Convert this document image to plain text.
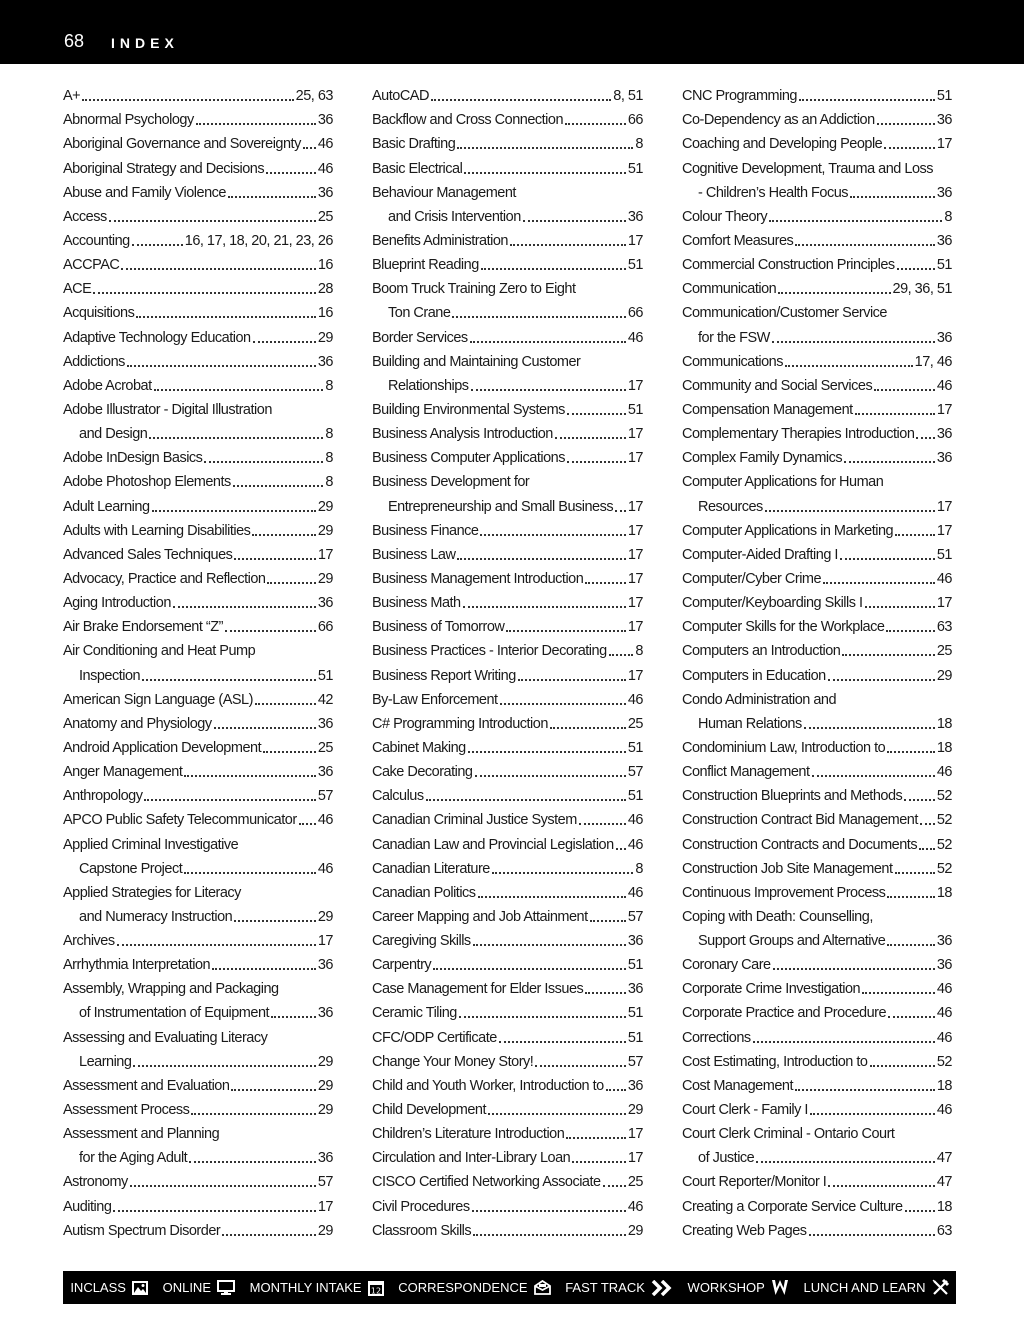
68 INDEX
A+	25, 63
Abnormal Psychology	36
Aboriginal Governance and Sovereignty 46
Aboriginal Strategy and Decisions	46
Abuse and Family Violence	36
Access	25
Accounting	16, 17, 18, 20, 21, 23, 26
ACCPAC	16
ACE	28
Acquisitions	16
Adaptive Technology Education	29
Addictions	36
Adobe Acrobat	8
Adobe Illustrator - Digital Illustration
and Design	8
Adobe InDesign Basics	8
Adobe Photoshop Elements	8
Adult Learning	29
Adults with Learning Disabilities	29
Advanced Sales Techniques	17
Advocacy, Practice and Reflection	29
Aging Introduction	36
Air Brake Endorsement “Z”	66
Air Conditioning and Heat Pump
Inspection	51
American Sign Language (ASL)	42
Anatomy and Physiology	36
Android Application Development	25
Anger Management	36
Anthropology	57
APCO Public Safety Telecommunicator 46
Applied Criminal Investigative
Capstone Project	46
Applied Strategies for Literacy
and Numeracy Instruction	29
Archives	17
Arrhythmia Interpretation	36
Assembly, Wrapping and Packaging
of Instrumentation of Equipment	36
Assessing and Evaluating Literacy
Learning	29
Assessment and Evaluation	29
Assessment Process	29
Assessment and Planning
for the Aging Adult	36
Astronomy	57
Auditing	17
Autism Spectrum Disorder	29
AutoCAD	8, 51
Backflow and Cross Connection	66
Basic Drafting	8
Basic Electrical	51
Behaviour Management
and Crisis Intervention	36
Benefits Administration	17
Blueprint Reading	51
Boom Truck Training Zero to Eight
Ton Crane	66
Border Services	46
Building and Maintaining Customer
Relationships	17
Building Environmental Systems	51
Business Analysis Introduction	17
Business Computer Applications	17
Business Development for
Entrepreneurship and Small Business 17
Business Finance	17
Business Law	17
Business Management Introduction	17
Business Math	17
Business of Tomorrow	17
Business Practices - Interior Decorating 8
Business Report Writing	17
By-Law Enforcement	46
C# Programming Introduction	25
Cabinet Making	51
Cake Decorating	57
Calculus	51
Canadian Criminal Justice System	46
Canadian Law and Provincial Legislation 46
Canadian Literature	8
Canadian Politics	46
Career Mapping and Job Attainment	57
Caregiving Skills	36
Carpentry	51
Case Management for Elder Issues	36
Ceramic Tiling	51
CFC/ODP Certificate	51
Change Your Money Story!	57
Child and Youth Worker, Introduction to 36
Child Development	29
Children’s Literature Introduction	17
Circulation and Inter-Library Loan	17
CISCO Certified Networking Associate 25
Civil Procedures	46
Classroom Skills	29
CNC Programming	51
Co-Dependency as an Addiction	36
Coaching and Developing People	17
Cognitive Development, Trauma and Loss
- Children’s Health Focus	36
Colour Theory	8
Comfort Measures	36
Commercial Construction Principles	51
Communication	29, 36, 51
Communication/Customer Service
for the FSW	36
Communications	17, 46
Community and Social Services	46
Compensation Management	17
Complementary Therapies Introduction 36
Complex Family Dynamics	36
Computer Applications for Human
Resources	17
Computer Applications in Marketing	17
Computer-Aided Drafting I	51
Computer/Cyber Crime	46
Computer/Keyboarding Skills I	17
Computer Skills for the Workplace	63
Computers an Introduction	25
Computers in Education	29
Condo Administration and
Human Relations	18
Condominium Law, Introduction to	18
Conflict Management	46
Construction Blueprints and Methods 52
Construction Contract Bid Management 52
Construction Contracts and Documents 52
Construction Job Site Management	52
Continuous Improvement Process	18
Coping with Death: Counselling,
Support Groups and Alternative	36
Coronary Care	36
Corporate Crime Investigation	46
Corporate Practice and Procedure	46
Corrections	46
Cost Estimating, Introduction to	52
Cost Management	18
Court Clerk - Family I	46
Court Clerk Criminal - Ontario Court
of Justice	47
Court Reporter/Monitor I	47
Creating a Corporate Service Culture 18
Creating Web Pages	63
INCLASS	ONLINE	MONTHLY INTAKE 12 CORRESPONDENCE	FAST TRACK	WORKSHOP	LUNCH AND LEARN
